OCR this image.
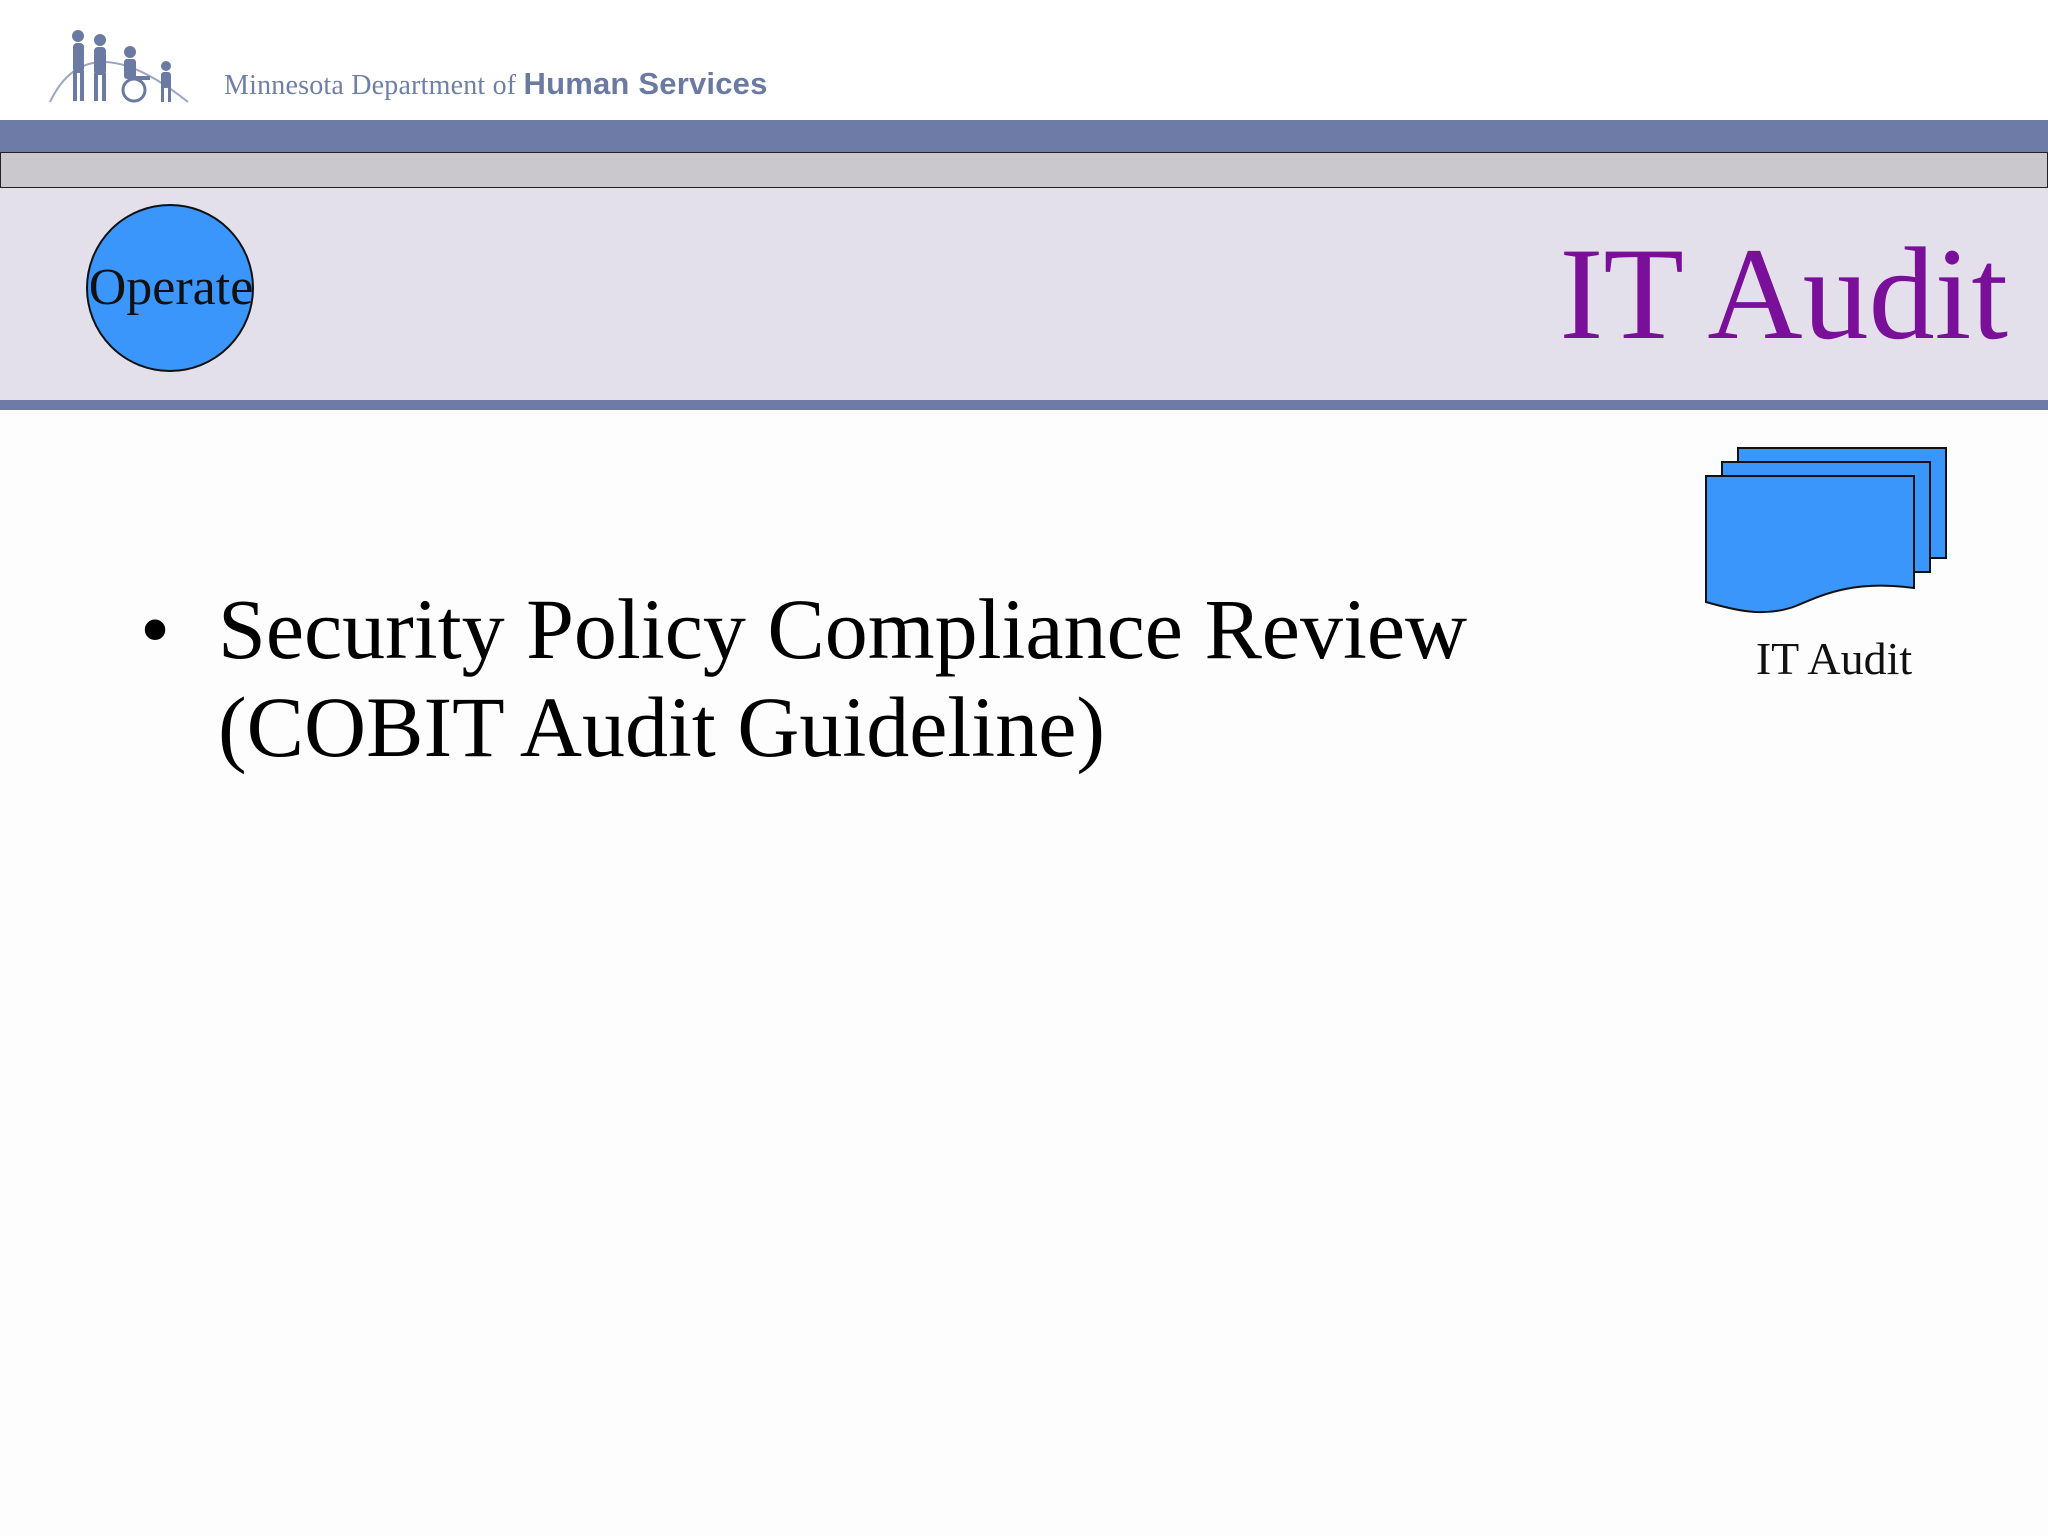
Minnesota Department of Human Services
Operate	IT Audit
IT Audit
• Security Policy Compliance Review
(COBIT Audit Guideline)
